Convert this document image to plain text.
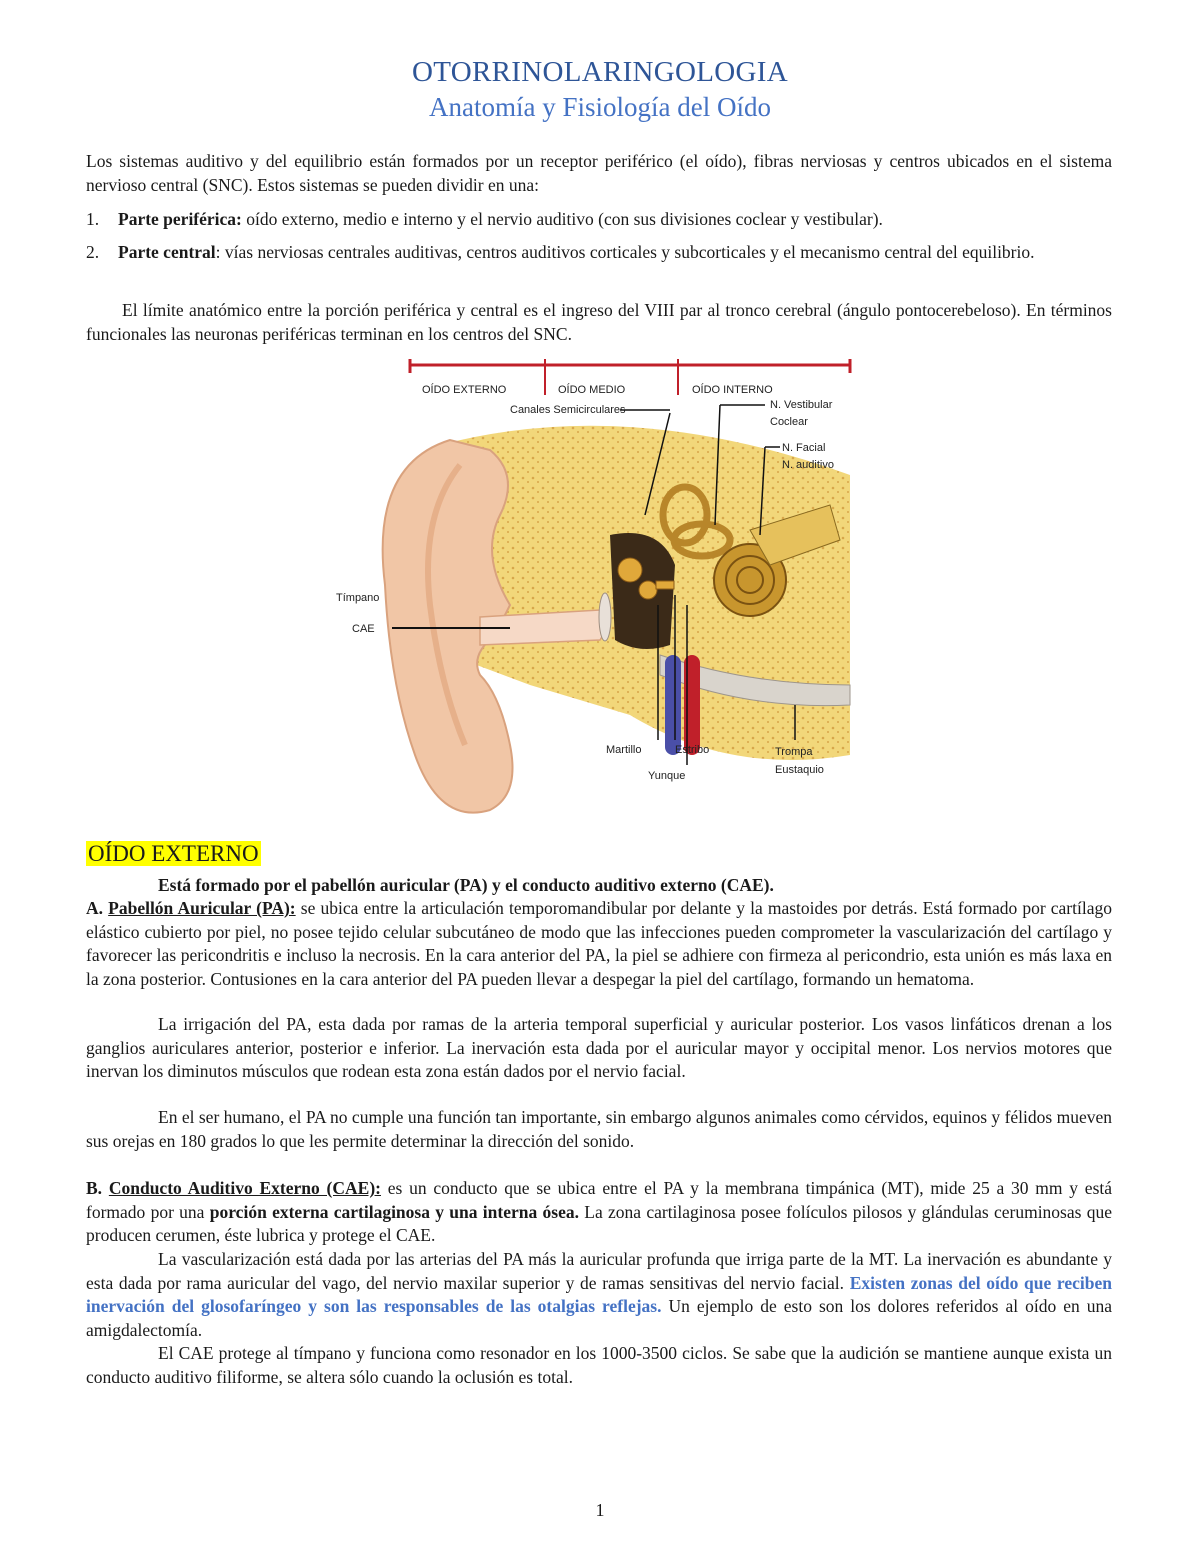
OTORRINOLARINGOLOGIA
Anatomía y Fisiología del Oído
Los sistemas auditivo y del equilibrio están formados por un receptor periférico (el oído), fibras nerviosas y centros ubicados en el sistema nervioso central (SNC). Estos sistemas se pueden dividir en una:
1. Parte periférica: oído externo, medio e interno y el nervio auditivo (con sus divisiones coclear y vestibular).
2. Parte central: vías nerviosas centrales auditivas, centros auditivos corticales y subcorticales y el mecanismo central del equilibrio.
El límite anatómico entre la porción periférica y central es el ingreso del VIII par al tronco cerebral (ángulo pontocerebeloso). En términos funcionales las neuronas periféricas terminan en los centros del SNC.
OÍDO EXTERNO	OÍDO MEDIO	OÍDO INTERNO
Canales Semicirculares	N. Vestibular
Coclear
N. Facial
N. auditivo
Tímpano
CAE
Martillo	Estribo
Yunque
Trompa
Eustaquio
OÍDO EXTERNO
Está formado por el pabellón auricular (PA) y el conducto auditivo externo (CAE).
A. Pabellón Auricular (PA): se ubica entre la articulación temporomandibular por delante y la mastoides por detrás. Está formado por cartílago elástico cubierto por piel, no posee tejido celular subcutáneo de modo que las infecciones pueden comprometer la vascularización del cartílago y favorecer las pericondritis e incluso la necrosis. En la cara anterior del PA, la piel se adhiere con firmeza al pericondrio, esta unión es más laxa en la zona posterior. Contusiones en la cara anterior del PA pueden llevar a despegar la piel del cartílago, formando un hematoma.
La irrigación del PA, esta dada por ramas de la arteria temporal superficial y auricular posterior. Los vasos linfáticos drenan a los ganglios auriculares anterior, posterior e inferior. La inervación esta dada por el auricular mayor y occipital menor. Los nervios motores que inervan los diminutos músculos que rodean esta zona están dados por el nervio facial.
En el ser humano, el PA no cumple una función tan importante, sin embargo algunos animales como cérvidos, equinos y félidos mueven sus orejas en 180 grados lo que les permite determinar la dirección del sonido.
B. Conducto Auditivo Externo (CAE): es un conducto que se ubica entre el PA y la membrana timpánica (MT), mide 25 a 30 mm y está formado por una porción externa cartilaginosa y una interna ósea. La zona cartilaginosa posee folículos pilosos y glándulas ceruminosas que producen cerumen, éste lubrica y protege el CAE.
La vascularización está dada por las arterias del PA más la auricular profunda que irriga parte de la MT. La inervación es abundante y esta dada por rama auricular del vago, del nervio maxilar superior y de ramas sensitivas del nervio facial. Existen zonas del oído que reciben inervación del glosofaríngeo y son las responsables de las otalgias reflejas. Un ejemplo de esto son los dolores referidos al oído en una amigdalectomía.
El CAE protege al tímpano y funciona como resonador en los 1000-3500 ciclos. Se sabe que la audición se mantiene aunque exista un conducto auditivo filiforme, se altera sólo cuando la oclusión es total.
1
